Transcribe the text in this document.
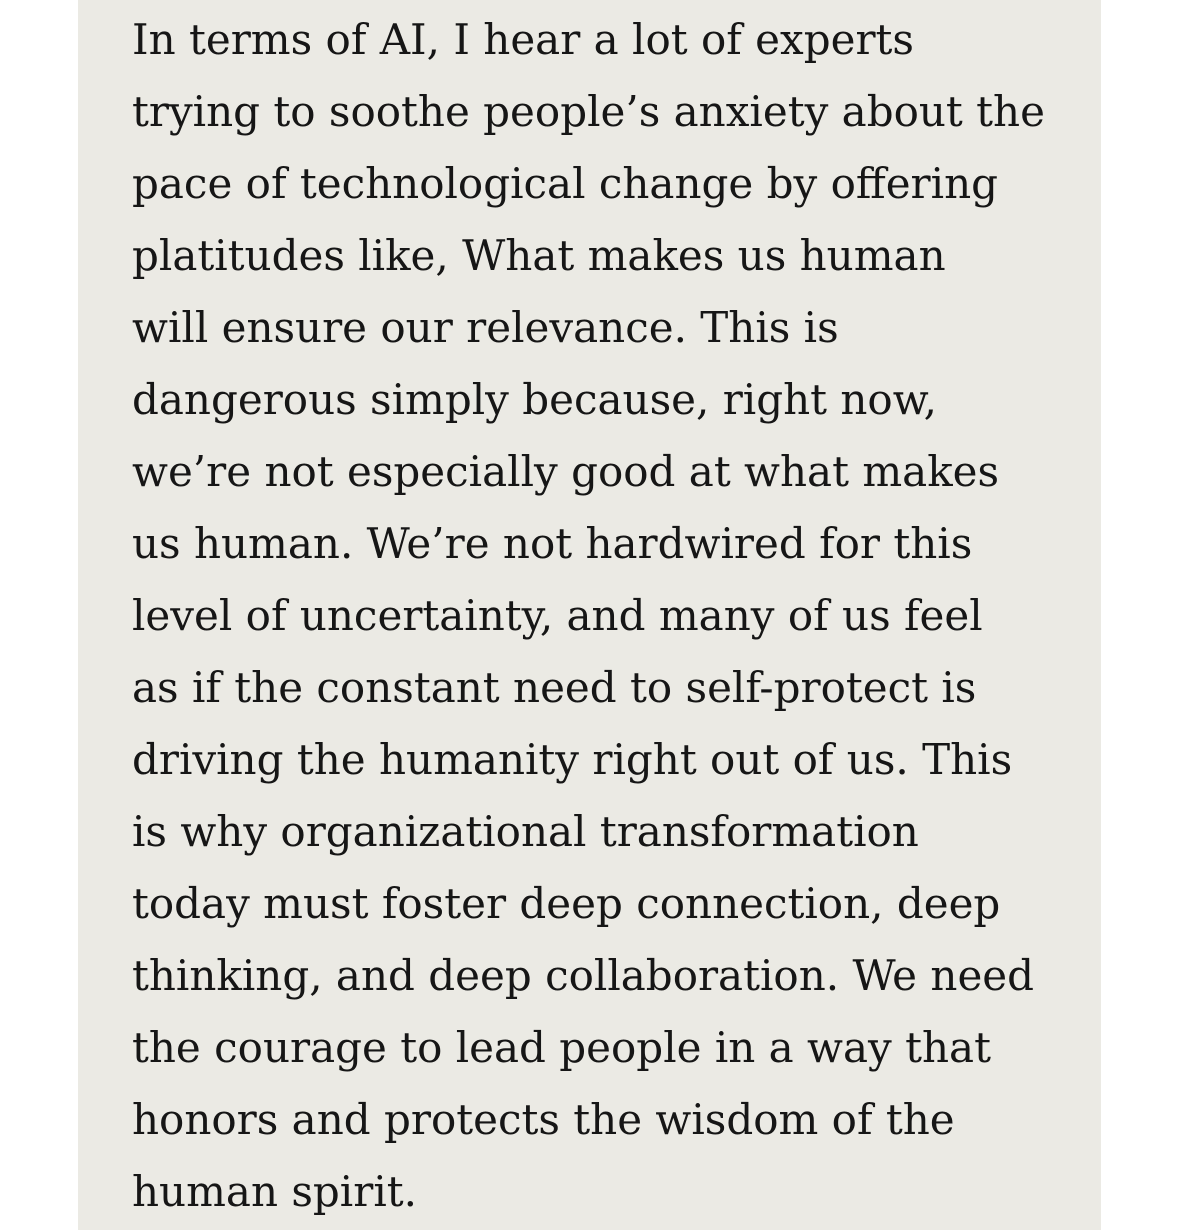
In terms of AI, I hear a lot of experts
trying to soothe people’s anxiety about the
pace of technological change by offering
platitudes like, What makes us human
will ensure our relevance. This is
dangerous simply because, right now,
we’re not especially good at what makes
us human. We’re not hardwired for this
level of uncertainty, and many of us feel
as if the constant need to self-protect is
driving the humanity right out of us. This
is why organizational transformation
today must foster deep connection, deep
thinking, and deep collaboration. We need
the courage to lead people in a way that
honors and protects the wisdom of the
human spirit.
